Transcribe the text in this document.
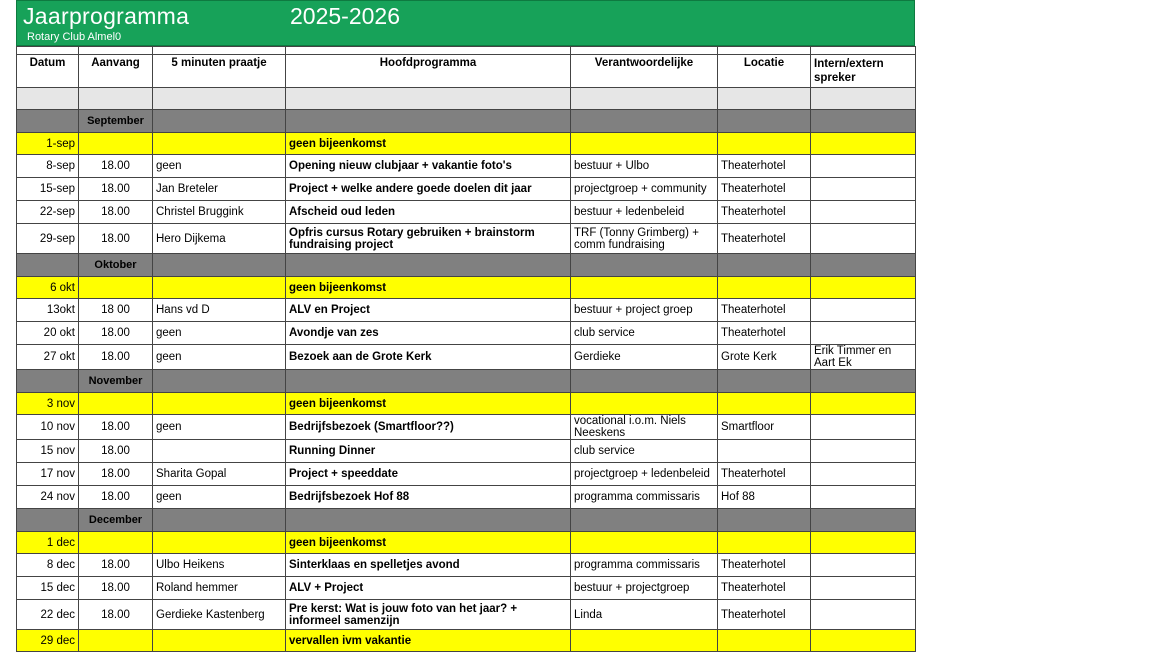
Jaarprogramma	2025-2026
Rotary Club Almel0

Datum	Aanvang	5 minuten praatje	Hoofdprogramma	Verantwoordelijke	Locatie	Intern/extern spreker

	September					
1-sep			geen bijeenkomst			
8-sep	18.00	geen	Opening nieuw clubjaar + vakantie foto's	bestuur + Ulbo	Theaterhotel	
15-sep	18.00	Jan Breteler	Project + welke andere goede doelen dit jaar	projectgroep + community	Theaterhotel	
22-sep	18.00	Christel Bruggink	Afscheid oud leden	bestuur + ledenbeleid	Theaterhotel	
29-sep	18.00	Hero Dijkema	Opfris cursus Rotary gebruiken + brainstorm fundraising project	TRF (Tonny Grimberg) + comm fundraising	Theaterhotel	
	Oktober					
6 okt			geen bijeenkomst			
13okt	18 00	Hans vd D	ALV en Project	bestuur + project groep	Theaterhotel	
20 okt	18.00	geen	Avondje van zes	club service	Theaterhotel	
27 okt	18.00	geen	Bezoek aan de Grote Kerk	Gerdieke	Grote Kerk	Erik Timmer en Aart Ek
	November					
3 nov			geen bijeenkomst			
10 nov	18.00	geen	Bedrijfsbezoek (Smartfloor??)	vocational i.o.m. Niels Neeskens	Smartfloor	
15 nov	18.00		Running Dinner	club service		
17 nov	18.00	Sharita Gopal	Project + speeddate	projectgroep + ledenbeleid	Theaterhotel	
24 nov	18.00	geen	Bedrijfsbezoek Hof 88	programma commissaris	Hof 88	
	December					
1 dec			geen bijeenkomst			
8 dec	18.00	Ulbo Heikens	Sinterklaas en spelletjes avond	programma commissaris	Theaterhotel	
15 dec	18.00	Roland hemmer	ALV + Project	bestuur + projectgroep	Theaterhotel	
22 dec	18.00	Gerdieke Kastenberg	Pre kerst: Wat is jouw foto van het jaar? + informeel samenzijn	Linda	Theaterhotel	
29 dec			vervallen ivm vakantie			
